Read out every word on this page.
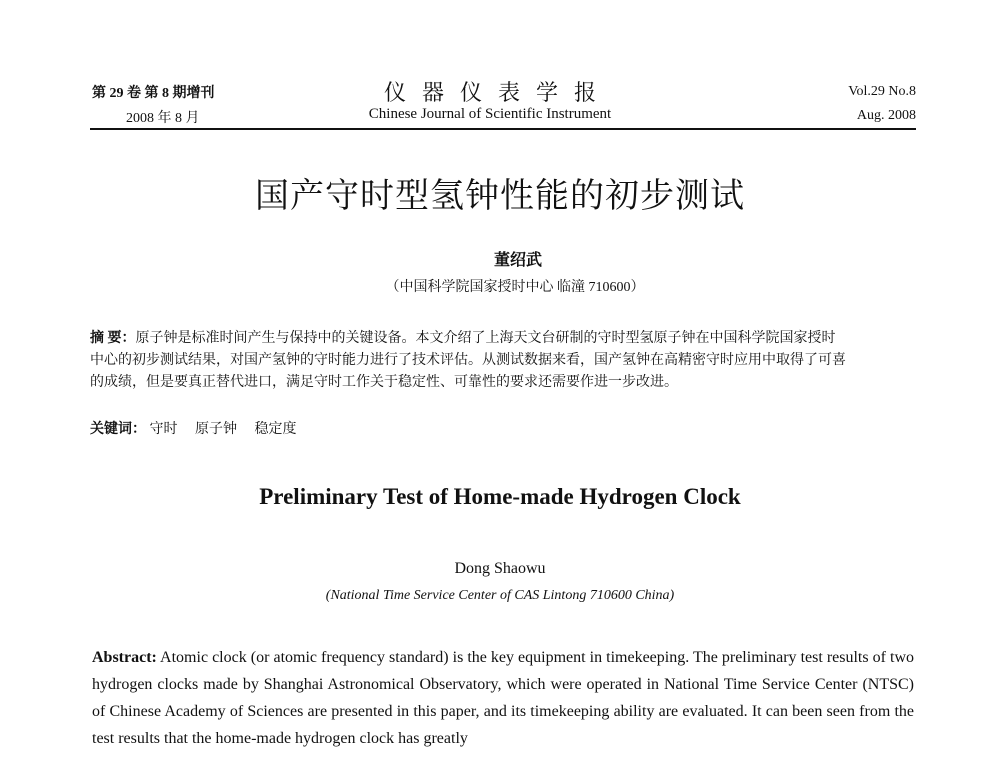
第 29 卷 第 8 期增刊
2008 年 8 月
仪器仪表学报
Chinese Journal of Scientific Instrument
Vol.29 No.8
Aug. 2008
国产守时型氢钟性能的初步测试
董绍武
（中国科学院国家授时中心 临潼 710600）
摘 要：原子钟是标准时间产生与保持中的关键设备。本文介绍了上海天文台研制的守时型氢原子钟在中国科学院国家授时
中心的初步测试结果，对国产氢钟的守时能力进行了技术评估。从测试数据来看，国产氢钟在高精密守时应用中取得了可喜
的成绩，但是要真正替代进口，满足守时工作关于稳定性、可靠性的要求还需要作进一步改进。
关键词： 守时 原子钟 稳定度
Preliminary Test of Home-made Hydrogen Clock
Dong Shaowu
(National Time Service Center of CAS Lintong 710600 China)
Abstract: Atomic clock (or atomic frequency standard) is the key equipment in timekeeping. The preliminary test results of two hydrogen clocks made by Shanghai Astronomical Observatory, which were operated in National Time Service Center (NTSC) of Chinese Academy of Sciences are presented in this paper, and its timekeeping ability are evaluated. It can been seen from the test results that the home-made hydrogen clock has greatly
